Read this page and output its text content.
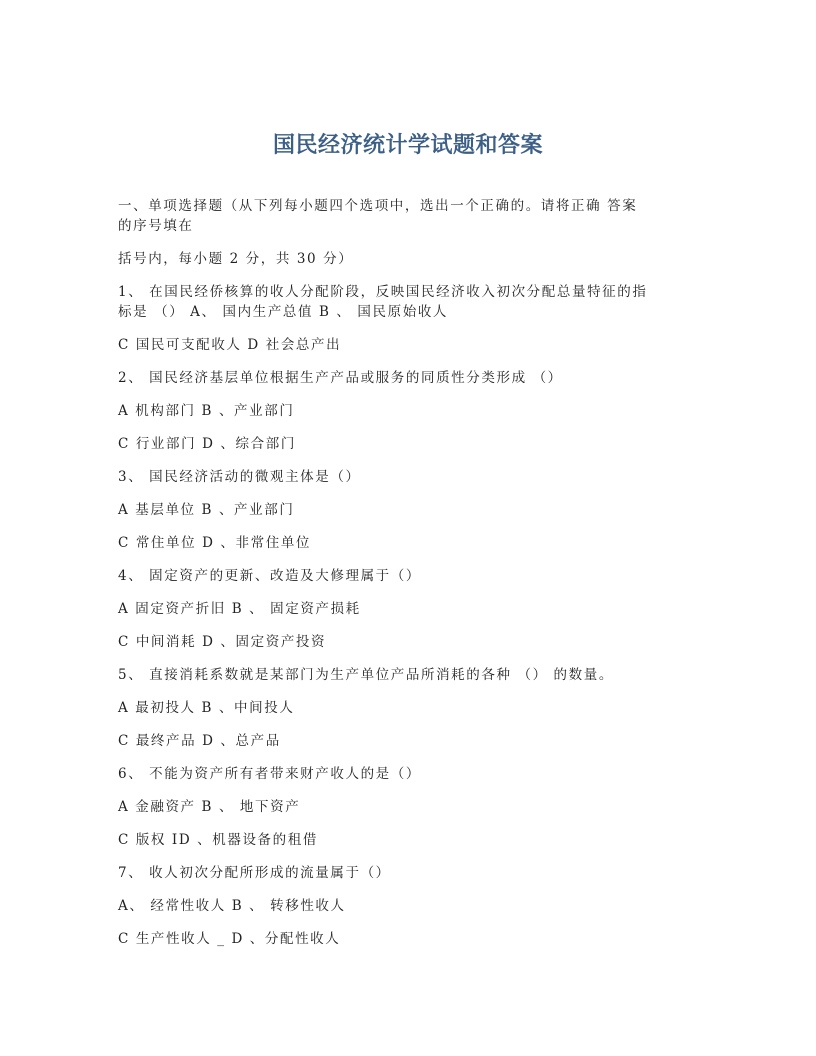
国民经济统计学试题和答案

一、单项选择题（从下列每小题四个选项中，选出一个正确的。请将正确 答案
的序号填在

括号内，每小题 2 分，共 30 分）

1、 在国民经侨核算的收人分配阶段，反映国民经济收入初次分配总量特征的指
标是 （） A、 国内生产总值 B 、 国民原始收人

C 国民可支配收人 D 社会总产出

2、 国民经济基层单位根据生产产品或服务的同质性分类形成 （）

A 机构部门 B 、产业部门

C 行业部门 D 、综合部门

3、 国民经济活动的微观主体是（）

A 基层单位 B 、产业部门

C 常住单位 D 、非常住单位

4、 固定资产的更新、改造及大修理属于（）

A 固定资产折旧 B 、 固定资产损耗

C 中间消耗 D 、固定资产投资

5、 直接消耗系数就是某部门为生产单位产品所消耗的各种 （） 的数量。

A 最初投人 B 、中间投人

C 最终产品 D 、总产品

6、 不能为资产所有者带来财产收人的是（）

A 金融资产 B 、 地下资产

C 版权 ID 、机器设备的租借

7、 收人初次分配所形成的流量属于（）

A、 经常性收人 B 、 转移性收人

C 生产性收人 _ D 、分配性收人
